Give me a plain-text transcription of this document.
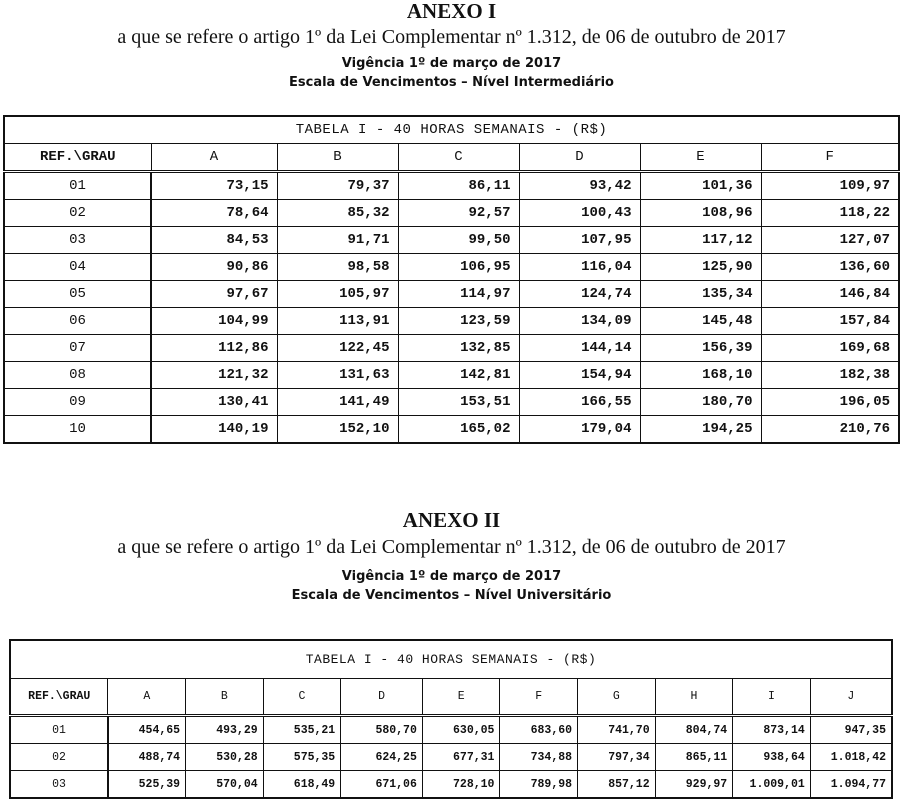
ANEXO I
a que se refere o artigo 1º da Lei Complementar nº 1.312, de 06 de outubro de 2017
Vigência 1º de março de 2017
Escala de Vencimentos – Nível Intermediário
TABELA I - 40 HORAS SEMANAIS - (R$)						
REF.\GRAU	A	B	C	D	E	F
01	73,15	79,37	86,11	93,42	101,36	109,97
02	78,64	85,32	92,57	100,43	108,96	118,22
03	84,53	91,71	99,50	107,95	117,12	127,07
04	90,86	98,58	106,95	116,04	125,90	136,60
05	97,67	105,97	114,97	124,74	135,34	146,84
06	104,99	113,91	123,59	134,09	145,48	157,84
07	112,86	122,45	132,85	144,14	156,39	169,68
08	121,32	131,63	142,81	154,94	168,10	182,38
09	130,41	141,49	153,51	166,55	180,70	196,05
10	140,19	152,10	165,02	179,04	194,25	210,76
ANEXO II
a que se refere o artigo 1º da Lei Complementar nº 1.312, de 06 de outubro de 2017
Vigência 1º de março de 2017
Escala de Vencimentos – Nível Universitário
TABELA I - 40 HORAS SEMANAIS - (R$)										
REF.\GRAU	A	B	C	D	E	F	G	H	I	J
01	454,65	493,29	535,21	580,70	630,05	683,60	741,70	804,74	873,14	947,35
02	488,74	530,28	575,35	624,25	677,31	734,88	797,34	865,11	938,64	1.018,42
03	525,39	570,04	618,49	671,06	728,10	789,98	857,12	929,97	1.009,01	1.094,77
